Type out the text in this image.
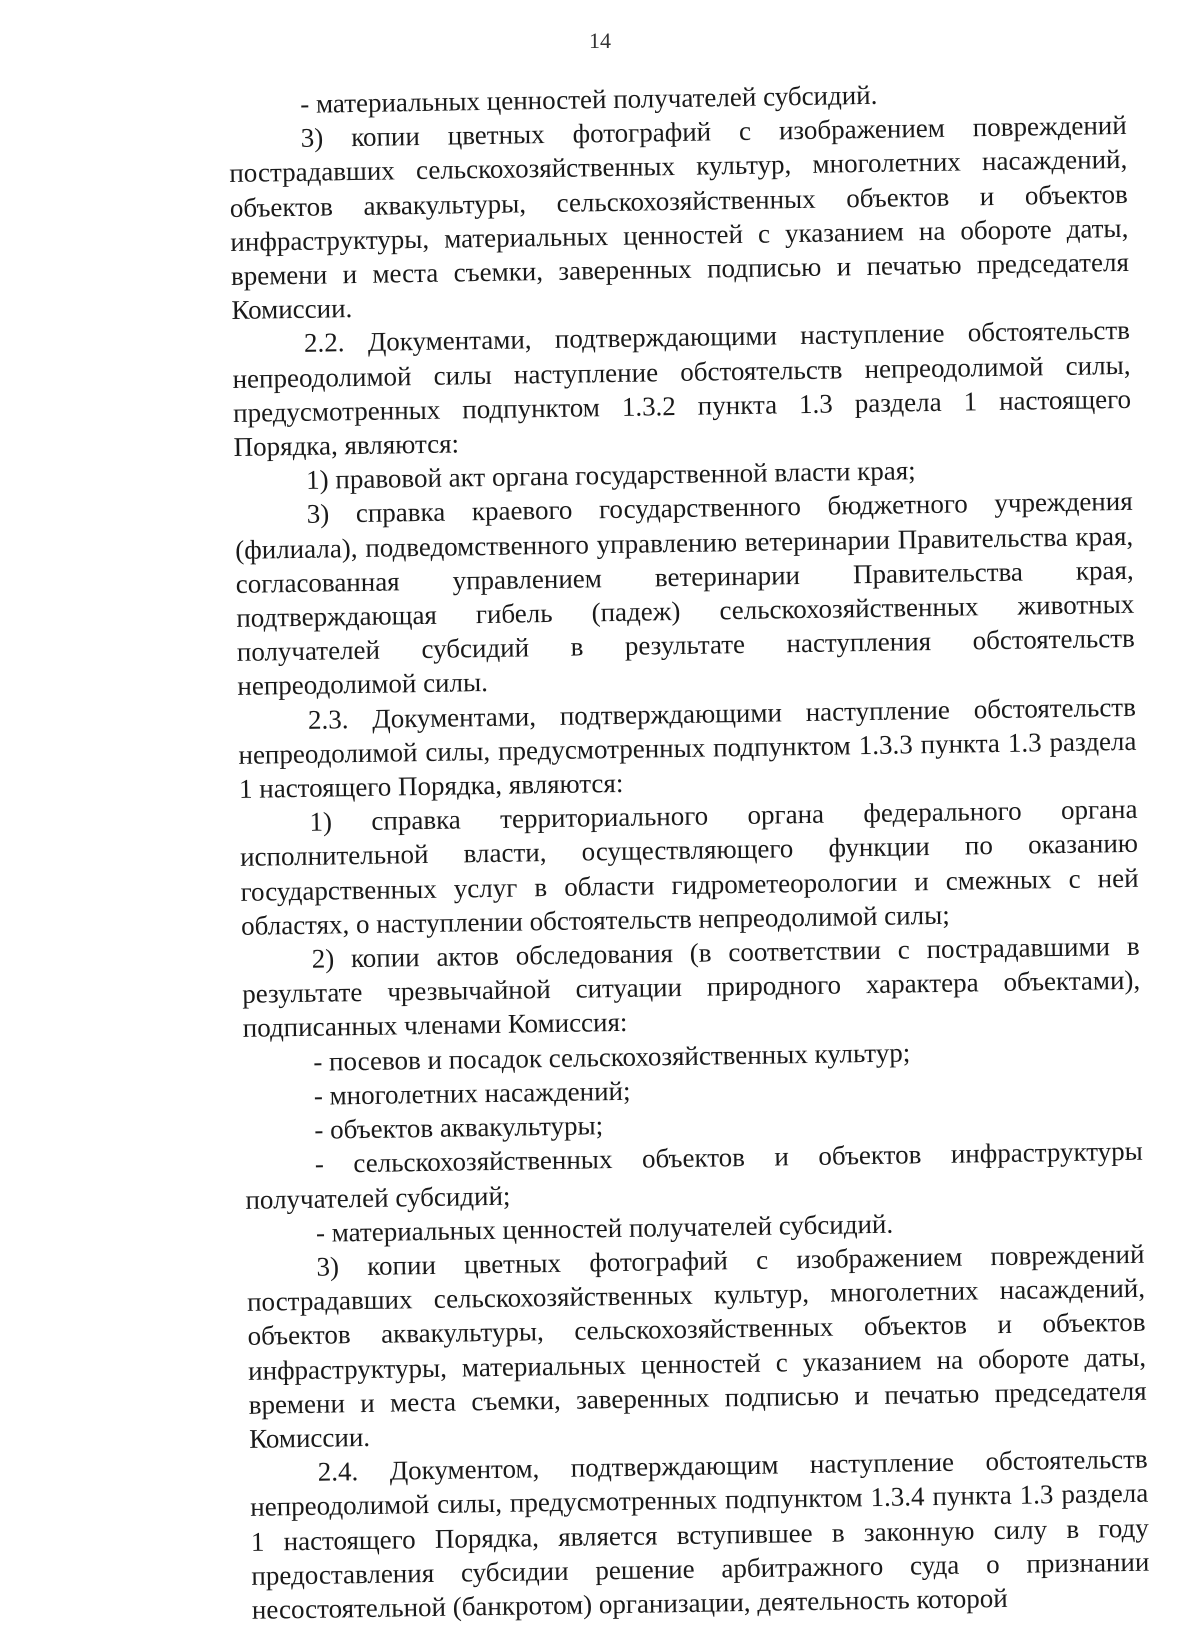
14

- материальных ценностей получателей субсидий.

3) копии цветных фотографий с изображением повреждений пострадавших сельскохозяйственных культур, многолетних насаждений, объектов аквакультуры, сельскохозяйственных объектов и объектов инфраструктуры, материальных ценностей с указанием на обороте даты, времени и места съемки, заверенных подписью и печатью председателя Комиссии.

2.2. Документами, подтверждающими наступление обстоятельств непреодолимой силы наступление обстоятельств непреодолимой силы, предусмотренных подпунктом 1.3.2 пункта 1.3 раздела 1 настоящего Порядка, являются:

1) правовой акт органа государственной власти края;

3) справка краевого государственного бюджетного учреждения (филиала), подведомственного управлению ветеринарии Правительства края, согласованная управлением ветеринарии Правительства края, подтверждающая гибель (падеж) сельскохозяйственных животных получателей субсидий в результате наступления обстоятельств непреодолимой силы.

2.3. Документами, подтверждающими наступление обстоятельств непреодолимой силы, предусмотренных подпунктом 1.3.3 пункта 1.3 раздела 1 настоящего Порядка, являются:

1) справка территориального органа федерального органа исполнительной власти, осуществляющего функции по оказанию государственных услуг в области гидрометеорологии и смежных с ней областях, о наступлении обстоятельств непреодолимой силы;

2) копии актов обследования (в соответствии с пострадавшими в результате чрезвычайной ситуации природного характера объектами), подписанных членами Комиссия:

- посевов и посадок сельскохозяйственных культур;

- многолетних насаждений;

- объектов аквакультуры;

- сельскохозяйственных объектов и объектов инфраструктуры получателей субсидий;

- материальных ценностей получателей субсидий.

3) копии цветных фотографий с изображением повреждений пострадавших сельскохозяйственных культур, многолетних насаждений, объектов аквакультуры, сельскохозяйственных объектов и объектов инфраструктуры, материальных ценностей с указанием на обороте даты, времени и места съемки, заверенных подписью и печатью председателя Комиссии.

2.4. Документом, подтверждающим наступление обстоятельств непреодолимой силы, предусмотренных подпунктом 1.3.4 пункта 1.3 раздела 1 настоящего Порядка, является вступившее в законную силу в году предоставления субсидии решение арбитражного суда о признании несостоятельной (банкротом) организации, деятельность которой
